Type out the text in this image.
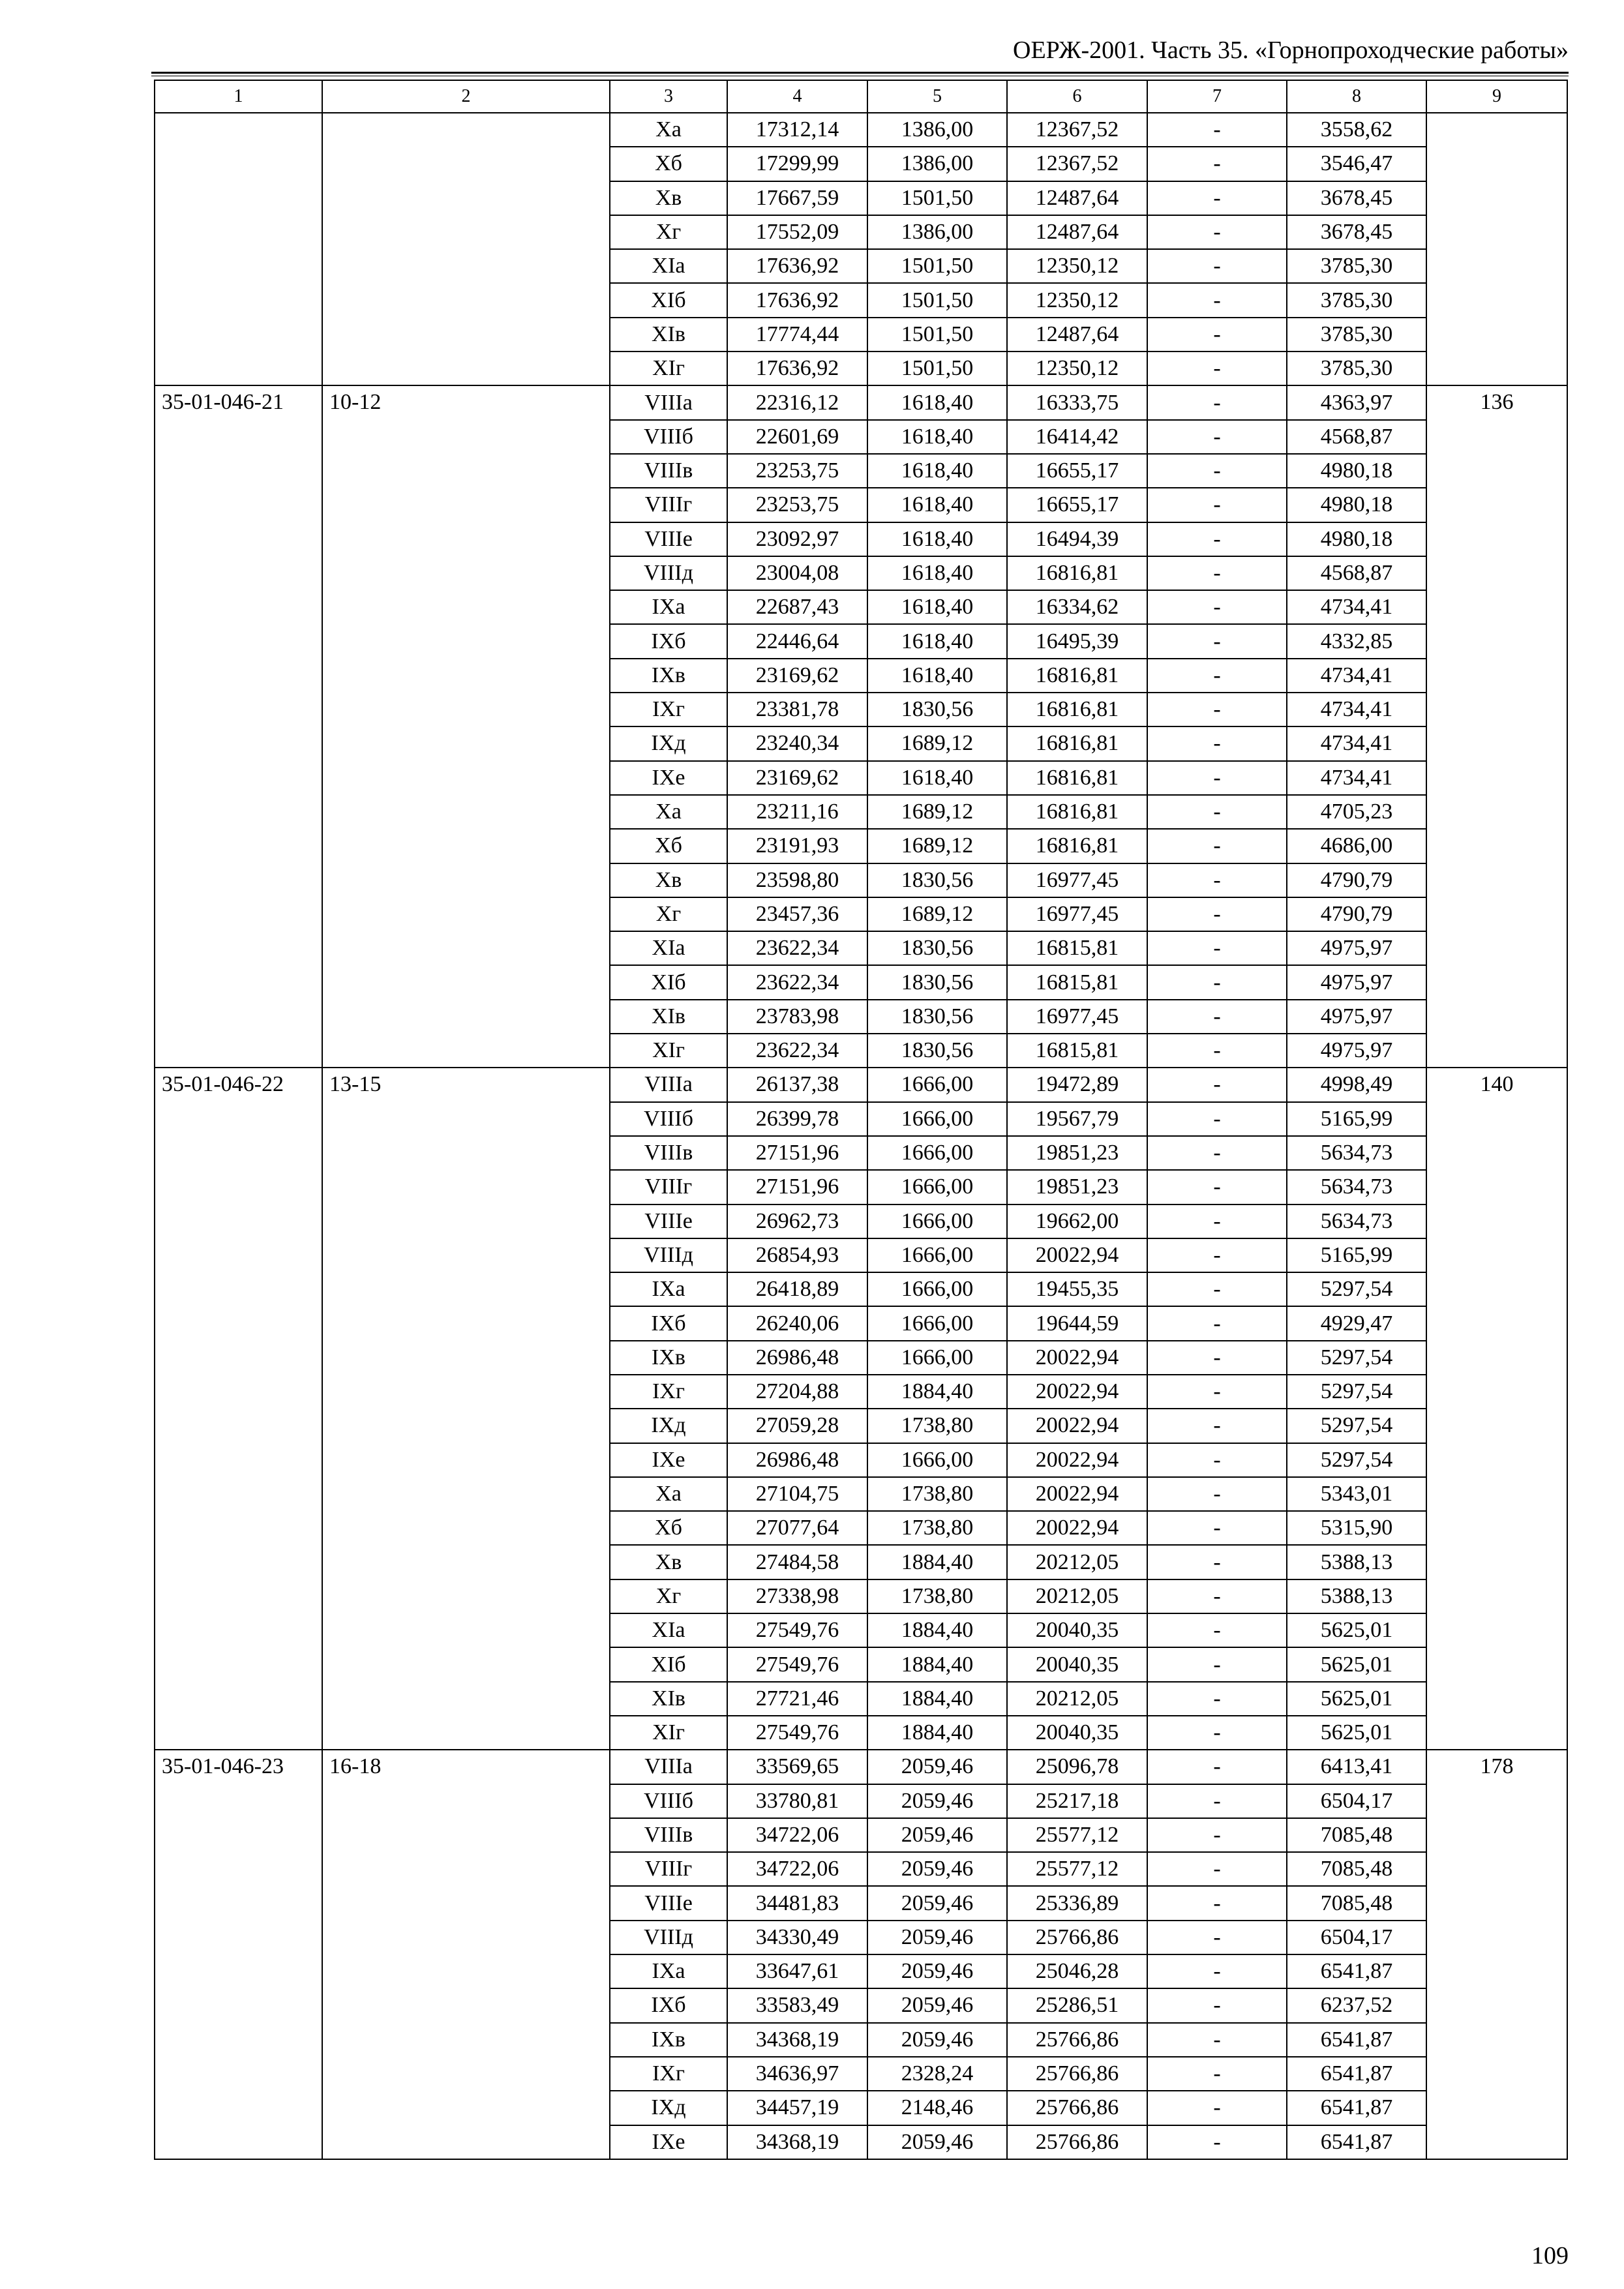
ОЕРЖ-2001. Часть 35. «Горнопроходческие работы»
1	2	3	4	5	6	7	8	9
		Xа	17312,14	1386,00	12367,52	-	3558,62	
		Xб	17299,99	1386,00	12367,52	-	3546,47	
		Xв	17667,59	1501,50	12487,64	-	3678,45	
		Xг	17552,09	1386,00	12487,64	-	3678,45	
		XIа	17636,92	1501,50	12350,12	-	3785,30	
		XIб	17636,92	1501,50	12350,12	-	3785,30	
		XIв	17774,44	1501,50	12487,64	-	3785,30	
		XIг	17636,92	1501,50	12350,12	-	3785,30	
35-01-046-21	10-12	VIIIа	22316,12	1618,40	16333,75	-	4363,97	136
		VIIIб	22601,69	1618,40	16414,42	-	4568,87	
		VIIIв	23253,75	1618,40	16655,17	-	4980,18	
		VIIIг	23253,75	1618,40	16655,17	-	4980,18	
		VIIIе	23092,97	1618,40	16494,39	-	4980,18	
		VIIIд	23004,08	1618,40	16816,81	-	4568,87	
		IXа	22687,43	1618,40	16334,62	-	4734,41	
		IXб	22446,64	1618,40	16495,39	-	4332,85	
		IXв	23169,62	1618,40	16816,81	-	4734,41	
		IXг	23381,78	1830,56	16816,81	-	4734,41	
		IXд	23240,34	1689,12	16816,81	-	4734,41	
		IXе	23169,62	1618,40	16816,81	-	4734,41	
		Xа	23211,16	1689,12	16816,81	-	4705,23	
		Xб	23191,93	1689,12	16816,81	-	4686,00	
		Xв	23598,80	1830,56	16977,45	-	4790,79	
		Xг	23457,36	1689,12	16977,45	-	4790,79	
		XIа	23622,34	1830,56	16815,81	-	4975,97	
		XIб	23622,34	1830,56	16815,81	-	4975,97	
		XIв	23783,98	1830,56	16977,45	-	4975,97	
		XIг	23622,34	1830,56	16815,81	-	4975,97	
35-01-046-22	13-15	VIIIа	26137,38	1666,00	19472,89	-	4998,49	140
		VIIIб	26399,78	1666,00	19567,79	-	5165,99	
		VIIIв	27151,96	1666,00	19851,23	-	5634,73	
		VIIIг	27151,96	1666,00	19851,23	-	5634,73	
		VIIIе	26962,73	1666,00	19662,00	-	5634,73	
		VIIIд	26854,93	1666,00	20022,94	-	5165,99	
		IXа	26418,89	1666,00	19455,35	-	5297,54	
		IXб	26240,06	1666,00	19644,59	-	4929,47	
		IXв	26986,48	1666,00	20022,94	-	5297,54	
		IXг	27204,88	1884,40	20022,94	-	5297,54	
		IXд	27059,28	1738,80	20022,94	-	5297,54	
		IXе	26986,48	1666,00	20022,94	-	5297,54	
		Xа	27104,75	1738,80	20022,94	-	5343,01	
		Xб	27077,64	1738,80	20022,94	-	5315,90	
		Xв	27484,58	1884,40	20212,05	-	5388,13	
		Xг	27338,98	1738,80	20212,05	-	5388,13	
		XIа	27549,76	1884,40	20040,35	-	5625,01	
		XIб	27549,76	1884,40	20040,35	-	5625,01	
		XIв	27721,46	1884,40	20212,05	-	5625,01	
		XIг	27549,76	1884,40	20040,35	-	5625,01	
35-01-046-23	16-18	VIIIа	33569,65	2059,46	25096,78	-	6413,41	178
		VIIIб	33780,81	2059,46	25217,18	-	6504,17	
		VIIIв	34722,06	2059,46	25577,12	-	7085,48	
		VIIIг	34722,06	2059,46	25577,12	-	7085,48	
		VIIIе	34481,83	2059,46	25336,89	-	7085,48	
		VIIIд	34330,49	2059,46	25766,86	-	6504,17	
		IXа	33647,61	2059,46	25046,28	-	6541,87	
		IXб	33583,49	2059,46	25286,51	-	6237,52	
		IXв	34368,19	2059,46	25766,86	-	6541,87	
		IXг	34636,97	2328,24	25766,86	-	6541,87	
		IXд	34457,19	2148,46	25766,86	-	6541,87	
		IXе	34368,19	2059,46	25766,86	-	6541,87	
109
